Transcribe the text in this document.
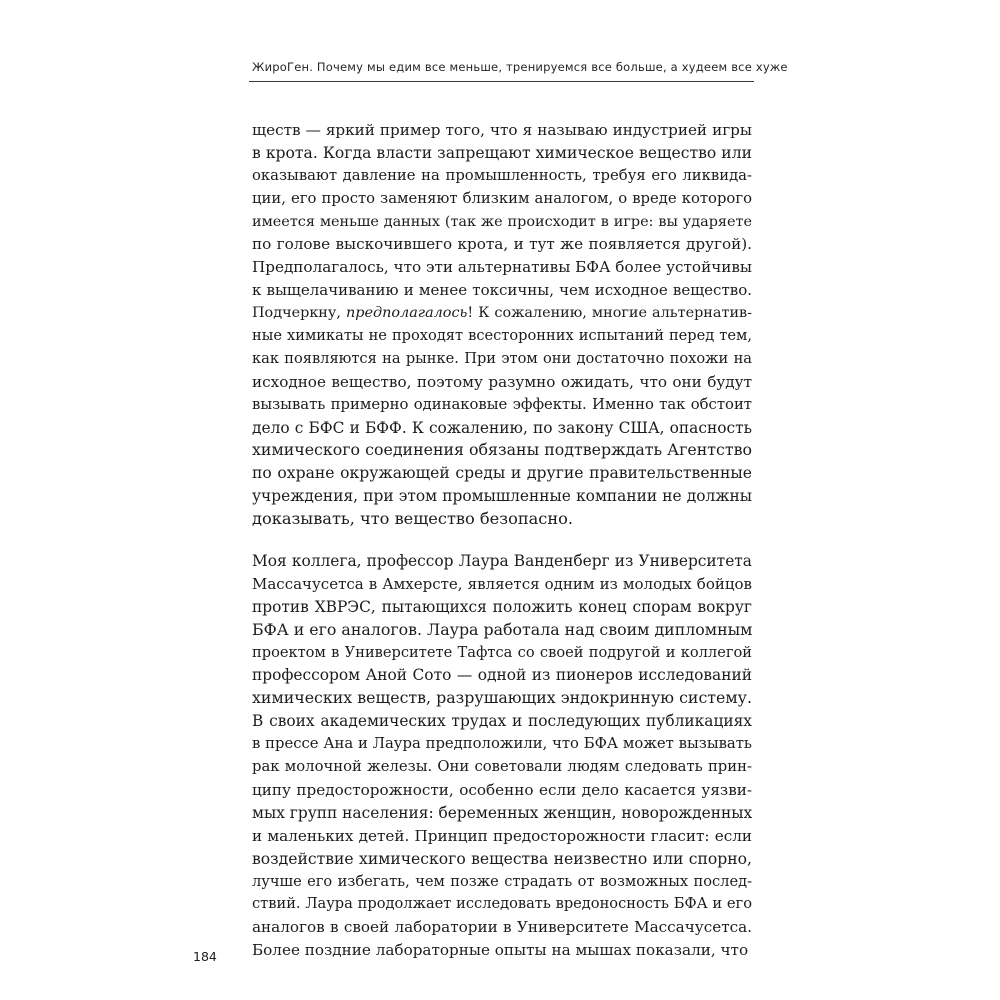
ЖироГен. Почему мы едим все меньше, тренируемся все больше, а худеем все хуже
ществ — яркий пример того, что я называю индустрией игры
в крота. Когда власти запрещают химическое вещество или
оказывают давление на промышленность, требуя его ликвида-
ции, его просто заменяют близким аналогом, о вреде которого
имеется меньше данных (так же происходит в игре: вы ударяете
по голове выскочившего крота, и тут же появляется другой).
Предполагалось, что эти альтернативы БФА более устойчивы
к выщелачиванию и менее токсичны, чем исходное вещество.
Подчеркну, предполагалось! К сожалению, многие альтернатив-
ные химикаты не проходят всесторонних испытаний перед тем,
как появляются на рынке. При этом они достаточно похожи на
исходное вещество, поэтому разумно ожидать, что они будут
вызывать примерно одинаковые эффекты. Именно так обстоит
дело с БФС и БФФ. К сожалению, по закону США, опасность
химического соединения обязаны подтверждать Агентство
по охране окружающей среды и другие правительственные
учреждения, при этом промышленные компании не должны
доказывать, что вещество безопасно.
Моя коллега, профессор Лаура Ванденберг из Университета
Массачусетса в Амхерсте, является одним из молодых бойцов
против ХВРЭС, пытающихся положить конец спорам вокруг
БФА и его аналогов. Лаура работала над своим дипломным
проектом в Университете Тафтса со своей подругой и коллегой
профессором Аной Сото — одной из пионеров исследований
химических веществ, разрушающих эндокринную систему.
В своих академических трудах и последующих публикациях
в прессе Ана и Лаура предположили, что БФА может вызывать
рак молочной железы. Они советовали людям следовать прин-
ципу предосторожности, особенно если дело касается уязви-
мых групп населения: беременных женщин, новорожденных
и маленьких детей. Принцип предосторожности гласит: если
воздействие химического вещества неизвестно или спорно,
лучше его избегать, чем позже страдать от возможных послед-
ствий. Лаура продолжает исследовать вредоносность БФА и его
аналогов в своей лаборатории в Университете Массачусетса.
Более поздние лабораторные опыты на мышах показали, что
184
